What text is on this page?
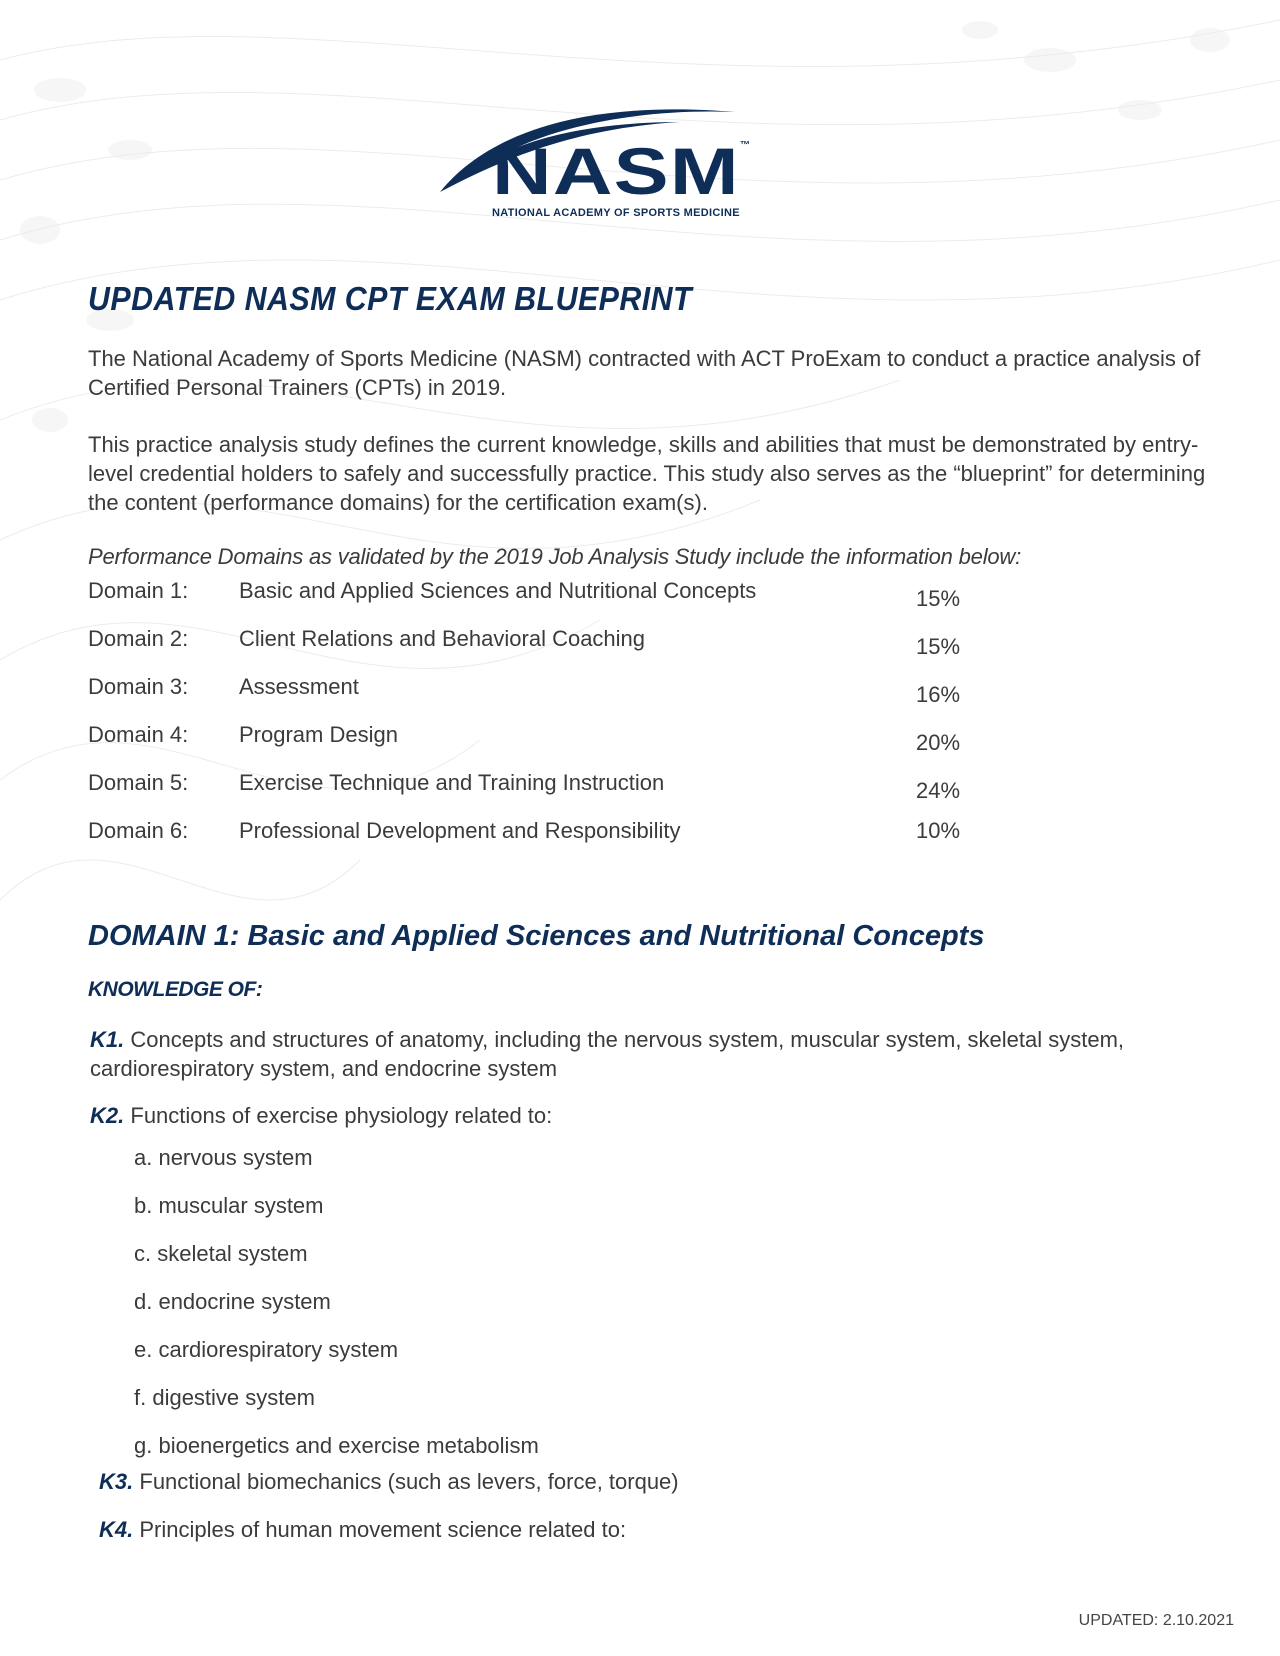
NASM ™
NATIONAL ACADEMY OF SPORTS MEDICINE
UPDATED NASM CPT EXAM BLUEPRINT
The National Academy of Sports Medicine (NASM) contracted with ACT ProExam to conduct a practice analysis of Certified Personal Trainers (CPTs) in 2019.
This practice analysis study defines the current knowledge, skills and abilities that must be demonstrated by entry-level credential holders to safely and successfully practice. This study also serves as the “blueprint” for determining the content (performance domains) for the certification exam(s).
Performance Domains as validated by the 2019 Job Analysis Study include the information below:
Domain 1: Basic and Applied Sciences and Nutritional Concepts	15%
Domain 2: Client Relations and Behavioral Coaching	15%
Domain 3: Assessment	16%
Domain 4: Program Design	20%
Domain 5: Exercise Technique and Training Instruction	24%
Domain 6: Professional Development and Responsibility	10%
DOMAIN 1: Basic and Applied Sciences and Nutritional Concepts
KNOWLEDGE OF:
K1. Concepts and structures of anatomy, including the nervous system, muscular system, skeletal system, cardiorespiratory system, and endocrine system
K2. Functions of exercise physiology related to:
a. nervous system
b. muscular system
c. skeletal system
d. endocrine system
e. cardiorespiratory system
f. digestive system
g. bioenergetics and exercise metabolism
K3. Functional biomechanics (such as levers, force, torque)
K4. Principles of human movement science related to:
UPDATED: 2.10.2021
